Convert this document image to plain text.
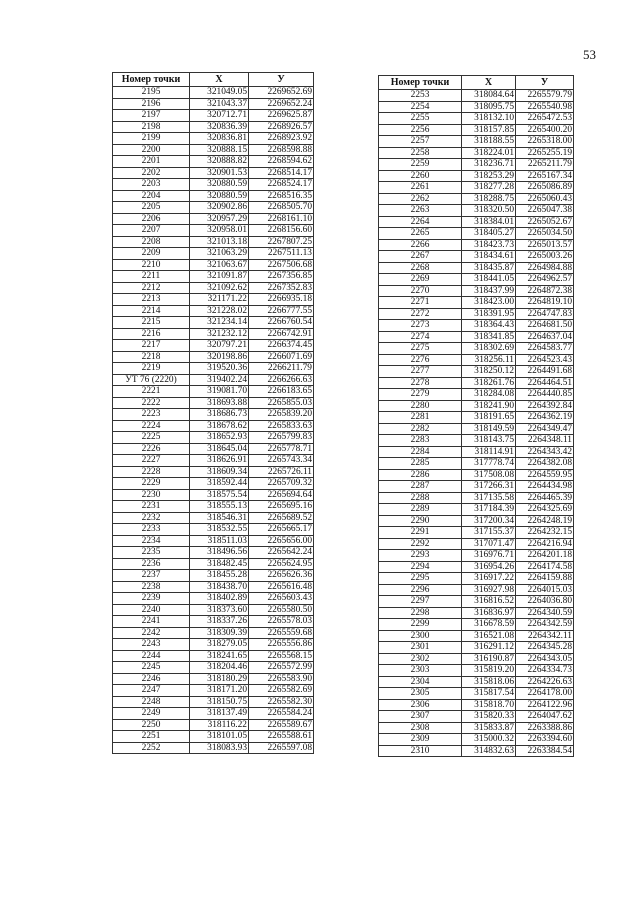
53
Номер точки	X	У
2195	321049.05	2269652.69
2196	321043.37	2269652.24
2197	320712.71	2269625.87
2198	320836.39	2268926.57
2199	320836.81	2268923.92
2200	320888.15	2268598.88
2201	320888.82	2268594.62
2202	320901.53	2268514.17
2203	320880.59	2268524.17
2204	320880.59	2268516.35
2205	320902.86	2268505.70
2206	320957.29	2268161.10
2207	320958.01	2268156.60
2208	321013.18	2267807.25
2209	321063.29	2267511.13
2210	321063.67	2267506.68
2211	321091.87	2267356.85
2212	321092.62	2267352.83
2213	321171.22	2266935.18
2214	321228.02	2266777.55
2215	321234.14	2266760.54
2216	321232.12	2266742.91
2217	320797.21	2266374.45
2218	320198.86	2266071.69
2219	319520.36	2266211.79
УТ 76 (2220)	319402.24	2266266.63
2221	319081.70	2266183.65
2222	318693.88	2265855.03
2223	318686.73	2265839.20
2224	318678.62	2265833.63
2225	318652.93	2265799.83
2226	318645.04	2265778.71
2227	318626.91	2265743.34
2228	318609.34	2265726.11
2229	318592.44	2265709.32
2230	318575.54	2265694.64
2231	318555.13	2265695.16
2232	318546.31	2265689.52
2233	318532.55	2265665.17
2234	318511.03	2265656.00
2235	318496.56	2265642.24
2236	318482.45	2265624.95
2237	318455.28	2265626.36
2238	318438.70	2265616.48
2239	318402.89	2265603.43
2240	318373.60	2265580.50
2241	318337.26	2265578.03
2242	318309.39	2265559.68
2243	318279.05	2265556.86
2244	318241.65	2265568.15
2245	318204.46	2265572.99
2246	318180.29	2265583.90
2247	318171.20	2265582.69
2248	318150.75	2265582.30
2249	318137.49	2265584.24
2250	318116.22	2265589.67
2251	318101.05	2265588.61
2252	318083.93	2265597.08
Номер точки	X	У
2253	318084.64	2265579.79
2254	318095.75	2265540.98
2255	318132.10	2265472.53
2256	318157.85	2265400.20
2257	318188.55	2265318.00
2258	318224.01	2265255.19
2259	318236.71	2265211.79
2260	318253.29	2265167.34
2261	318277.28	2265086.89
2262	318288.75	2265060.43
2263	318320.50	2265047.38
2264	318384.01	2265052.67
2265	318405.27	2265034.50
2266	318423.73	2265013.57
2267	318434.61	2265003.26
2268	318435.87	2264984.88
2269	318441.05	2264962.57
2270	318437.99	2264872.38
2271	318423.00	2264819.10
2272	318391.95	2264747.83
2273	318364.43	2264681.50
2274	318341.85	2264637.04
2275	318302.69	2264583.77
2276	318256.11	2264523.43
2277	318250.12	2264491.68
2278	318261.76	2264464.51
2279	318284.08	2264440.85
2280	318241.90	2264392.84
2281	318191.65	2264362.19
2282	318149.59	2264349.47
2283	318143.75	2264348.11
2284	318114.91	2264343.42
2285	317778.74	2264382.08
2286	317508.08	2264559.95
2287	317266.31	2264434.98
2288	317135.58	2264465.39
2289	317184.39	2264325.69
2290	317200.34	2264248.19
2291	317155.37	2264232.15
2292	317071.47	2264216.94
2293	316976.71	2264201.18
2294	316954.26	2264174.58
2295	316917.22	2264159.88
2296	316927.98	2264015.03
2297	316816.52	2264036.80
2298	316836.97	2264340.59
2299	316678.59	2264342.59
2300	316521.08	2264342.11
2301	316291.12	2264345.28
2302	316190.87	2264343.05
2303	315819.20	2264334.73
2304	315818.06	2264226.63
2305	315817.54	2264178.00
2306	315818.70	2264122.96
2307	315820.33	2264047.62
2308	315833.87	2263388.86
2309	315000.32	2263394.60
2310	314832.63	2263384.54
